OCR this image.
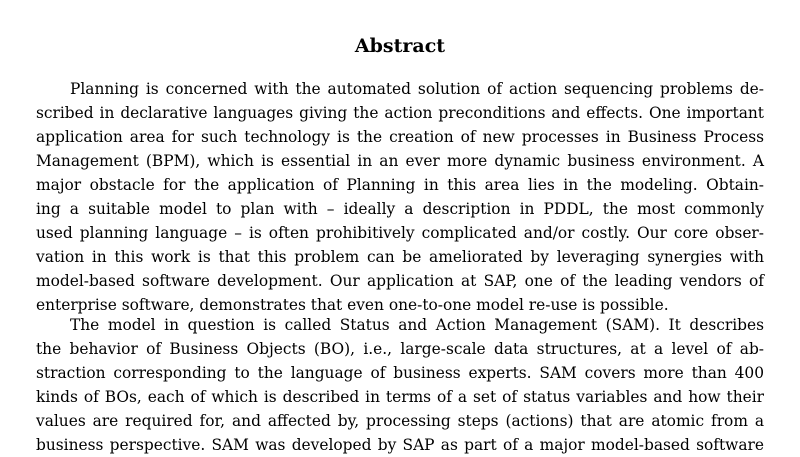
Abstract
Planning is concerned with the automated solution of action sequencing problems de-
scribed in declarative languages giving the action preconditions and effects. One important
application area for such technology is the creation of new processes in Business Process
Management (BPM), which is essential in an ever more dynamic business environment. A
major obstacle for the application of Planning in this area lies in the modeling. Obtain-
ing a suitable model to plan with – ideally a description in PDDL, the most commonly
used planning language – is often prohibitively complicated and/or costly. Our core obser-
vation in this work is that this problem can be ameliorated by leveraging synergies with
model-based software development. Our application at SAP, one of the leading vendors of
enterprise software, demonstrates that even one-to-one model re-use is possible.
The model in question is called Status and Action Management (SAM). It describes
the behavior of Business Objects (BO), i.e., large-scale data structures, at a level of ab-
straction corresponding to the language of business experts. SAM covers more than 400
kinds of BOs, each of which is described in terms of a set of status variables and how their
values are required for, and affected by, processing steps (actions) that are atomic from a
business perspective. SAM was developed by SAP as part of a major model-based software
